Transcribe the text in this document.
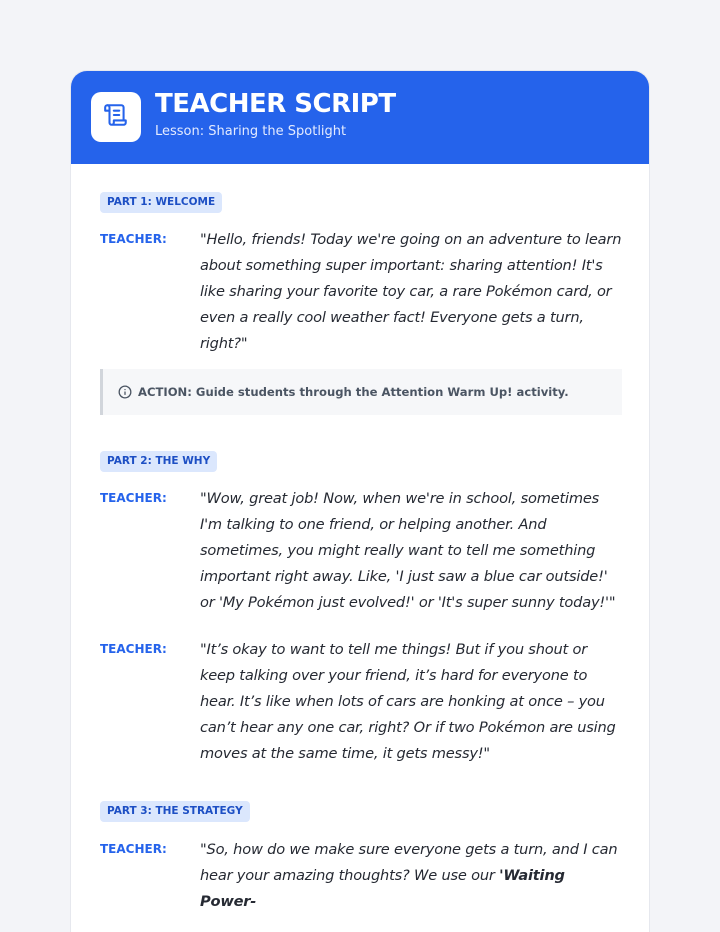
TEACHER SCRIPT
Lesson: Sharing the Spotlight
PART 1: WELCOME
TEACHER: "Hello, friends! Today we're going on an adventure to learn about something super important: sharing attention! It's like sharing your favorite toy car, a rare Pokémon card, or even a really cool weather fact! Everyone gets a turn, right?"
ACTION: Guide students through the Attention Warm Up! activity.
PART 2: THE WHY
TEACHER: "Wow, great job! Now, when we're in school, sometimes I'm talking to one friend, or helping another. And sometimes, you might really want to tell me something important right away. Like, 'I just saw a blue car outside!' or 'My Pokémon just evolved!' or 'It's super sunny today!'"
TEACHER: "It’s okay to want to tell me things! But if you shout or keep talking over your friend, it’s hard for everyone to hear. It’s like when lots of cars are honking at once – you can’t hear any one car, right? Or if two Pokémon are using moves at the same time, it gets messy!"
PART 3: THE STRATEGY
TEACHER: "So, how do we make sure everyone gets a turn, and I can hear your amazing thoughts? We use our 'Waiting Power-
